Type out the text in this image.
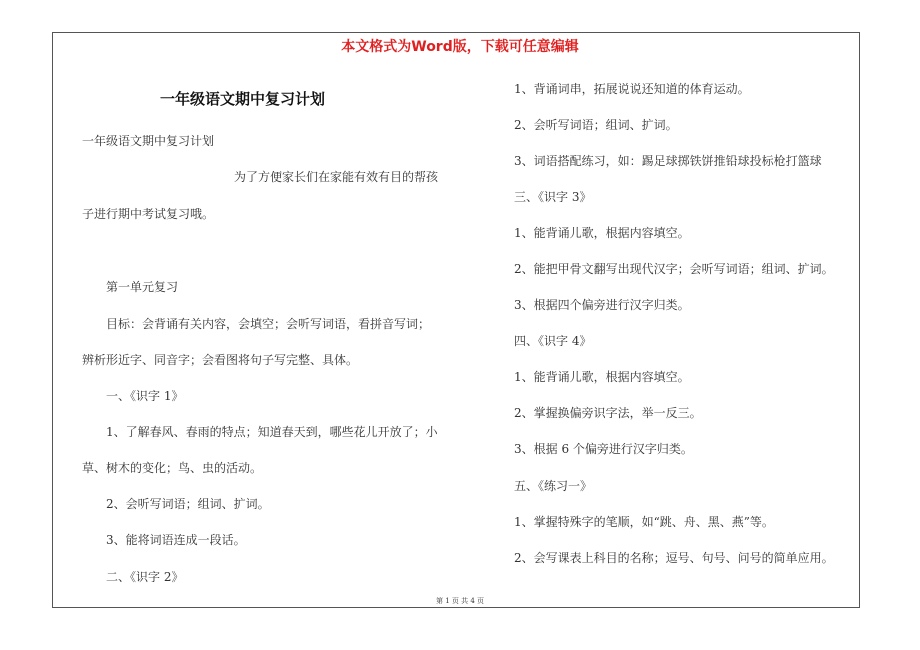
本文格式为Word版，下载可任意编辑
一年级语文期中复习计划

一年级语文期中复习计划

为了方便家长们在家能有效有目的帮孩

子进行期中考试复习哦。

第一单元复习

目标：会背诵有关内容，会填空；会听写词语，看拼音写词；

辨析形近字、同音字；会看图将句子写完整、具体。

一、《识字 1》

1、了解春风、春雨的特点；知道春天到，哪些花儿开放了；小

草、树木的变化；鸟、虫的活动。

2、会听写词语；组词、扩词。

3、能将词语连成一段话。

二、《识字 2》

1、背诵词串，拓展说说还知道的体育运动。

2、会听写词语；组词、扩词。

3、词语搭配练习，如：踢足球掷铁饼推铅球投标枪打篮球

三、《识字 3》

1、能背诵儿歌，根据内容填空。

2、能把甲骨文翻写出现代汉字；会听写词语；组词、扩词。

3、根据四个偏旁进行汉字归类。

四、《识字 4》

1、能背诵儿歌，根据内容填空。

2、掌握换偏旁识字法，举一反三。

3、根据 6 个偏旁进行汉字归类。

五、《练习一》

1、掌握特殊字的笔顺，如“跳、舟、黑、燕”等。

2、会写课表上科目的名称；逗号、句号、问号的简单应用。

第 1 页 共 4 页
